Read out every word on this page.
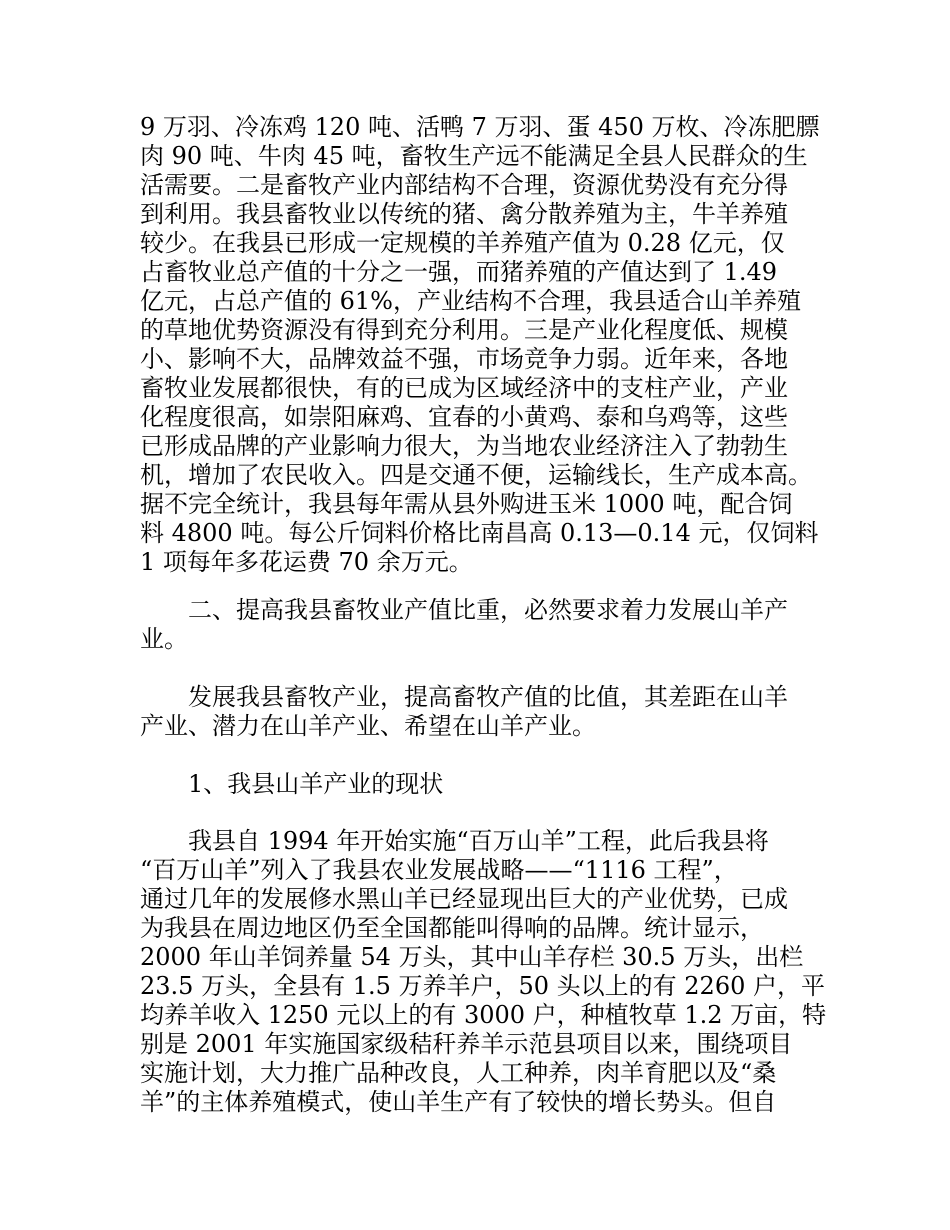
9 万羽、冷冻鸡 120 吨、活鸭 7 万羽、蛋 450 万枚、冷冻肥膘
肉 90 吨、牛肉 45 吨，畜牧生产远不能满足全县人民群众的生
活需要。二是畜牧产业内部结构不合理，资源优势没有充分得
到利用。我县畜牧业以传统的猪、禽分散养殖为主，牛羊养殖
较少。在我县已形成一定规模的羊养殖产值为 0.28 亿元，仅
占畜牧业总产值的十分之一强，而猪养殖的产值达到了 1.49
亿元，占总产值的 61%，产业结构不合理，我县适合山羊养殖
的草地优势资源没有得到充分利用。三是产业化程度低、规模
小、影响不大，品牌效益不强，市场竞争力弱。近年来，各地
畜牧业发展都很快，有的已成为区域经济中的支柱产业，产业
化程度很高，如崇阳麻鸡、宜春的小黄鸡、泰和乌鸡等，这些
已形成品牌的产业影响力很大，为当地农业经济注入了勃勃生
机，增加了农民收入。四是交通不便，运输线长，生产成本高。
据不完全统计，我县每年需从县外购进玉米 1000 吨，配合饲
料 4800 吨。每公斤饲料价格比南昌高 0.13—0.14 元，仅饲料
1 项每年多花运费 70 余万元。
二、提高我县畜牧业产值比重，必然要求着力发展山羊产
业。
发展我县畜牧产业，提高畜牧产值的比值，其差距在山羊
产业、潜力在山羊产业、希望在山羊产业。
1、我县山羊产业的现状
我县自 1994 年开始实施“百万山羊”工程，此后我县将
“百万山羊”列入了我县农业发展战略——“1116 工程”，
通过几年的发展修水黑山羊已经显现出巨大的产业优势，已成
为我县在周边地区仍至全国都能叫得响的品牌。统计显示，
2000 年山羊饲养量 54 万头，其中山羊存栏 30.5 万头，出栏
23.5 万头，全县有 1.5 万养羊户，50 头以上的有 2260 户，平
均养羊收入 1250 元以上的有 3000 户，种植牧草 1.2 万亩，特
别是 2001 年实施国家级秸秆养羊示范县项目以来，围绕项目
实施计划，大力推广品种改良，人工种养，肉羊育肥以及“桑
羊”的主体养殖模式，使山羊生产有了较快的增长势头。但自
